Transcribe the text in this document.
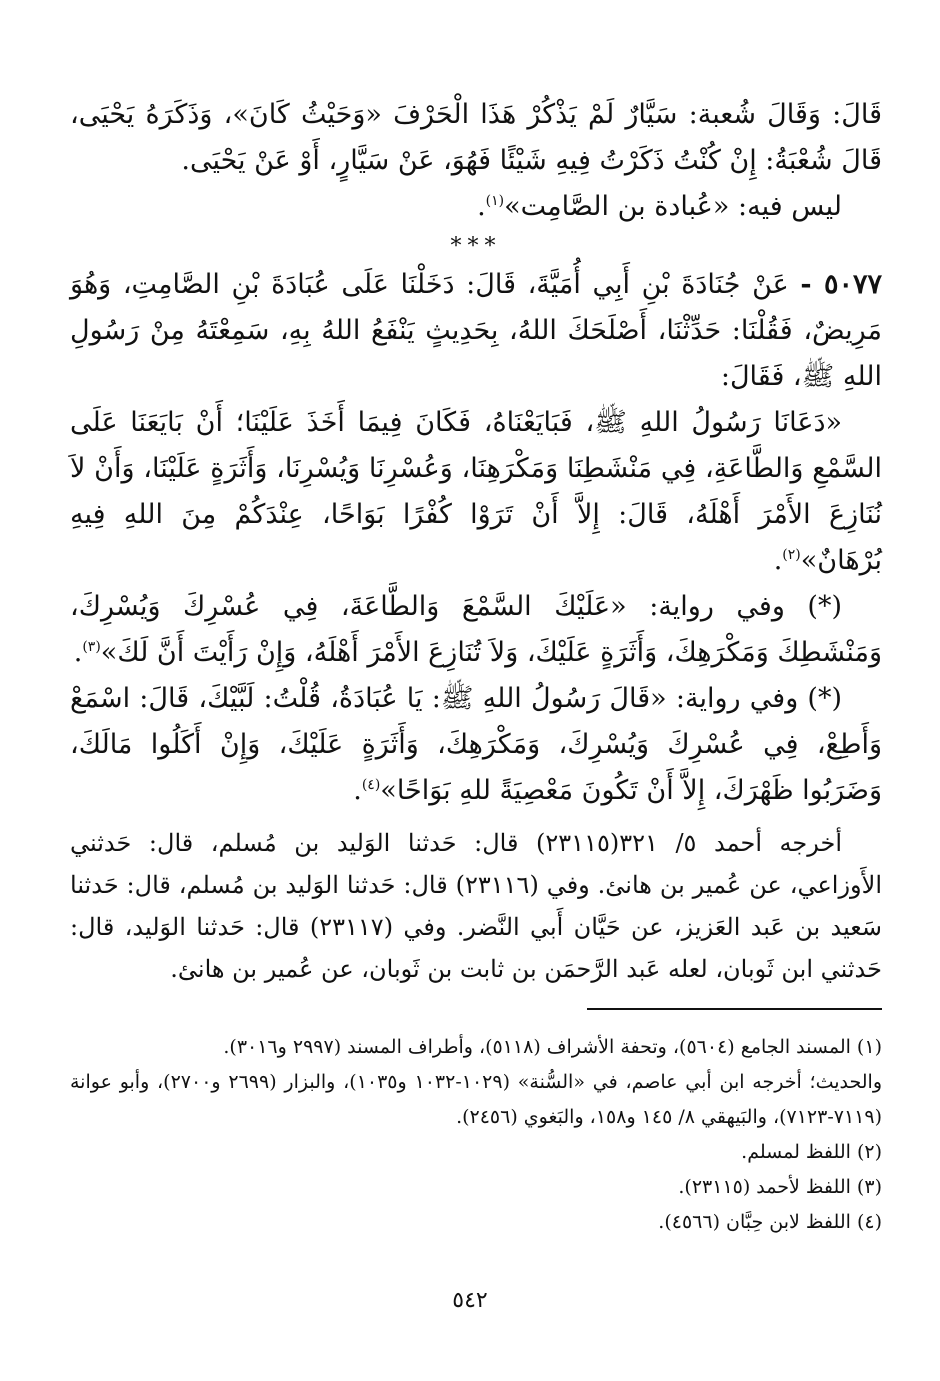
قَالَ: وَقَالَ شُعبة: سَيَّارٌ لَمْ يَذْكُرْ هَذَا الْحَرْفَ «وَحَيْثُ كَانَ»، وَذَكَرَهُ يَحْيَى، قَالَ شُعْبَةُ: إِنْ كُنْتُ ذَكَرْتُ فِيهِ شَيْئًا فَهُوَ، عَنْ سَيَّارٍ، أَوْ عَنْ يَحْيَى.

ليس فيه: «عُبادة بن الصَّامِت»$^{(١)}$.

***

٥٠٧٧ - عَنْ جُنَادَةَ بْنِ أَبِي أُمَيَّةَ، قَالَ: دَخَلْنَا عَلَى عُبَادَةَ بْنِ الصَّامِتِ، وَهُوَ مَرِيضٌ، فَقُلْنَا: حَدِّثْنَا، أَصْلَحَكَ اللهُ، بِحَدِيثٍ يَنْفَعُ اللهُ بِهِ، سَمِعْتَهُ مِنْ رَسُولِ اللهِ ﷺ، فَقَالَ:

«دَعَانَا رَسُولُ اللهِ ﷺ، فَبَايَعْنَاهُ، فَكَانَ فِيمَا أَخَذَ عَلَيْنَا؛ أَنْ بَايَعَنَا عَلَى السَّمْعِ وَالطَّاعَةِ، فِي مَنْشَطِنَا وَمَكْرَهِنَا، وَعُسْرِنَا وَيُسْرِنَا، وَأَثَرَةٍ عَلَيْنَا، وَأَنْ لاَ نُنَازِعَ الأَمْرَ أَهْلَهُ، قَالَ: إِلاَّ أَنْ تَرَوْا كُفْرًا بَوَاحًا، عِنْدَكُمْ مِنَ اللهِ فِيهِ بُرْهَانٌ»$^{(٢)}$.

(*) وفي رواية: «عَلَيْكَ السَّمْعَ وَالطَّاعَةَ، فِي عُسْرِكَ وَيُسْرِكَ، وَمَنْشَطِكَ وَمَكْرَهِكَ، وَأَثَرَةٍ عَلَيْكَ، وَلاَ تُنَازِعَ الأَمْرَ أَهْلَهُ، وَإِنْ رَأَيْتَ أَنَّ لَكَ»$^{(٣)}$.

(*) وفي رواية: «قَالَ رَسُولُ اللهِ ﷺ: يَا عُبَادَةُ، قُلْتُ: لَبَّيْكَ، قَالَ: اسْمَعْ وَأَطِعْ، فِي عُسْرِكَ وَيُسْرِكَ، وَمَكْرَهِكَ، وَأَثَرَةٍ عَلَيْكَ، وَإِنْ أَكَلُوا مَالَكَ، وَضَرَبُوا ظَهْرَكَ، إِلاَّ أَنْ تَكُونَ مَعْصِيَةً للهِ بَوَاحًا»$^{(٤)}$.

أخرجه أحمد ٥/ ٣٢١(٢٣١١٥) قال: حَدثنا الوَليد بن مُسلم، قال: حَدثني الأَوزاعي، عن عُمير بن هانئ. وفي (٢٣١١٦) قال: حَدثنا الوَليد بن مُسلم، قال: حَدثنا سَعيد بن عَبد العَزيز، عن حَيَّان أَبي النَّضر. وفي (٢٣١١٧) قال: حَدثنا الوَليد، قال: حَدثني ابن ثَوبان، لعله عَبد الرَّحمَن بن ثابت بن ثَوبان، عن عُمير بن هانئ.

(١) المسند الجامع (٥٦٠٤)، وتحفة الأشراف (٥١١٨)، وأطراف المسند (٢٩٩٧ و٣٠١٦).

والحديث؛ أخرجه ابن أبي عاصم، في «السُّنة» (١٠٢٩-١٠٣٢ و١٠٣٥)، والبزار (٢٦٩٩ و٢٧٠٠)، وأبو عوانة (٧١١٩-٧١٢٣)، والبَيهقي ٨/ ١٤٥ و١٥٨، والبَغوي (٢٤٥٦).

(٢) اللفظ لمسلم.

(٣) اللفظ لأحمد (٢٣١١٥).

(٤) اللفظ لابن حِبَّان (٤٥٦٦).

٥٤٢
